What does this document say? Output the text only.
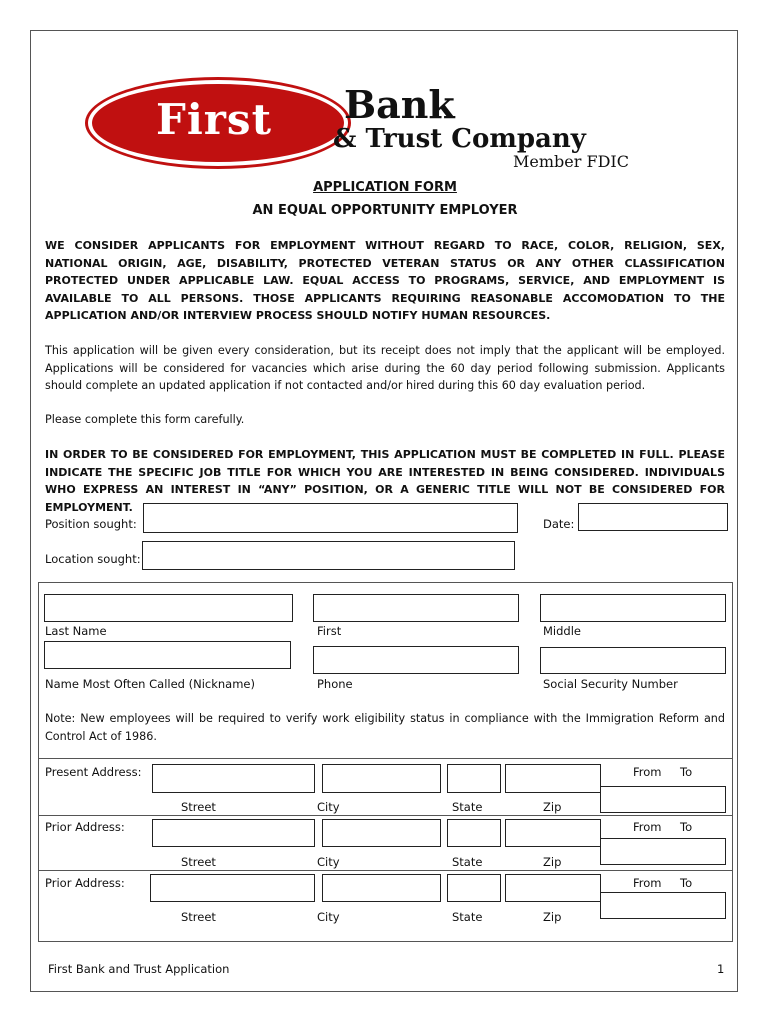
First	Bank
& Trust Company
Member FDIC
APPLICATION FORM
AN EQUAL OPPORTUNITY EMPLOYER
WE CONSIDER APPLICANTS FOR EMPLOYMENT WITHOUT REGARD TO RACE, COLOR, RELIGION, SEX, NATIONAL ORIGIN, AGE, DISABILITY, PROTECTED VETERAN STATUS OR ANY OTHER CLASSIFICATION PROTECTED UNDER APPLICABLE LAW. EQUAL ACCESS TO PROGRAMS, SERVICE, AND EMPLOYMENT IS AVAILABLE TO ALL PERSONS. THOSE APPLICANTS REQUIRING REASONABLE ACCOMODATION TO THE APPLICATION AND/OR INTERVIEW PROCESS SHOULD NOTIFY HUMAN RESOURCES.
This application will be given every consideration, but its receipt does not imply that the applicant will be employed. Applications will be considered for vacancies which arise during the 60 day period following submission. Applicants should complete an updated application if not contacted and/or hired during this 60 day evaluation period.
Please complete this form carefully.
IN ORDER TO BE CONSIDERED FOR EMPLOYMENT, THIS APPLICATION MUST BE COMPLETED IN FULL. PLEASE INDICATE THE SPECIFIC JOB TITLE FOR WHICH YOU ARE INTERESTED IN BEING CONSIDERED. INDIVIDUALS WHO EXPRESS AN INTEREST IN “ANY” POSITION, OR A GENERIC TITLE WILL NOT BE CONSIDERED FOR EMPLOYMENT.
Position sought:	Date:
Location sought:
Last Name	First	Middle
Name Most Often Called (Nickname)	Phone	Social Security Number
Note: New employees will be required to verify work eligibility status in compliance with the Immigration Reform and Control Act of 1986.
Present Address:	From To
Street	City	State	Zip
Prior Address:	From To
Street	City	State	Zip
Prior Address:	From To
Street	City	State	Zip
First Bank and Trust Application	1
